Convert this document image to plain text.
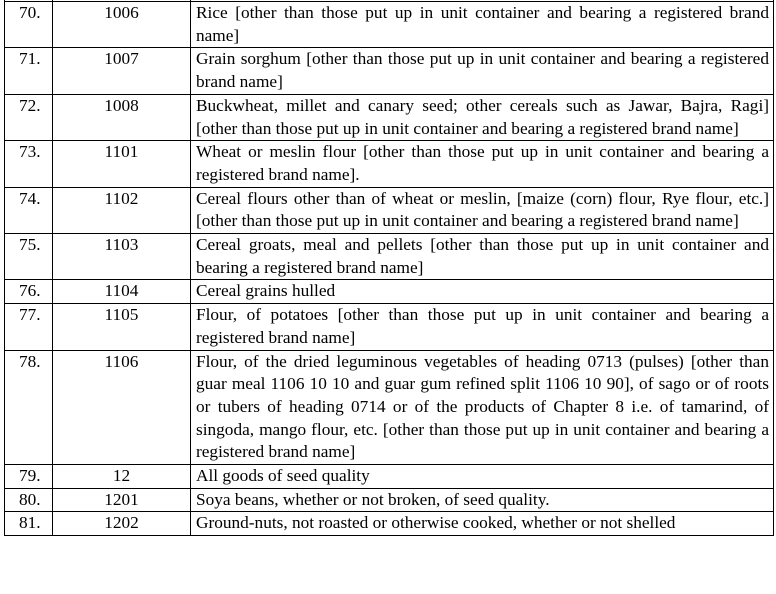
70.	1006	Rice [other than those put up in unit container and bearing a registered brand name]
71.	1007	Grain sorghum [other than those put up in unit container and bearing a registered brand name]
72.	1008	Buckwheat, millet and canary seed; other cereals such as Jawar, Bajra, Ragi] [other than those put up in unit container and bearing a registered brand name]
73.	1101	Wheat or meslin flour [other than those put up in unit container and bearing a registered brand name].
74.	1102	Cereal flours other than of wheat or meslin, [maize (corn) flour, Rye flour, etc.] [other than those put up in unit container and bearing a registered brand name]
75.	1103	Cereal groats, meal and pellets [other than those put up in unit container and bearing a registered brand name]
76.	1104	Cereal grains hulled
77.	1105	Flour, of potatoes [other than those put up in unit container and bearing a registered brand name]
78.	1106	Flour, of the dried leguminous vegetables of heading 0713 (pulses) [other than guar meal 1106 10 10 and guar gum refined split 1106 10 90], of sago or of roots or tubers of heading 0714 or of the products of Chapter 8 i.e. of tamarind, of singoda, mango flour, etc. [other than those put up in unit container and bearing a registered brand name]
79.	12	All goods of seed quality
80.	1201	Soya beans, whether or not broken, of seed quality.
81.	1202	Ground-nuts, not roasted or otherwise cooked, whether or not shelled
